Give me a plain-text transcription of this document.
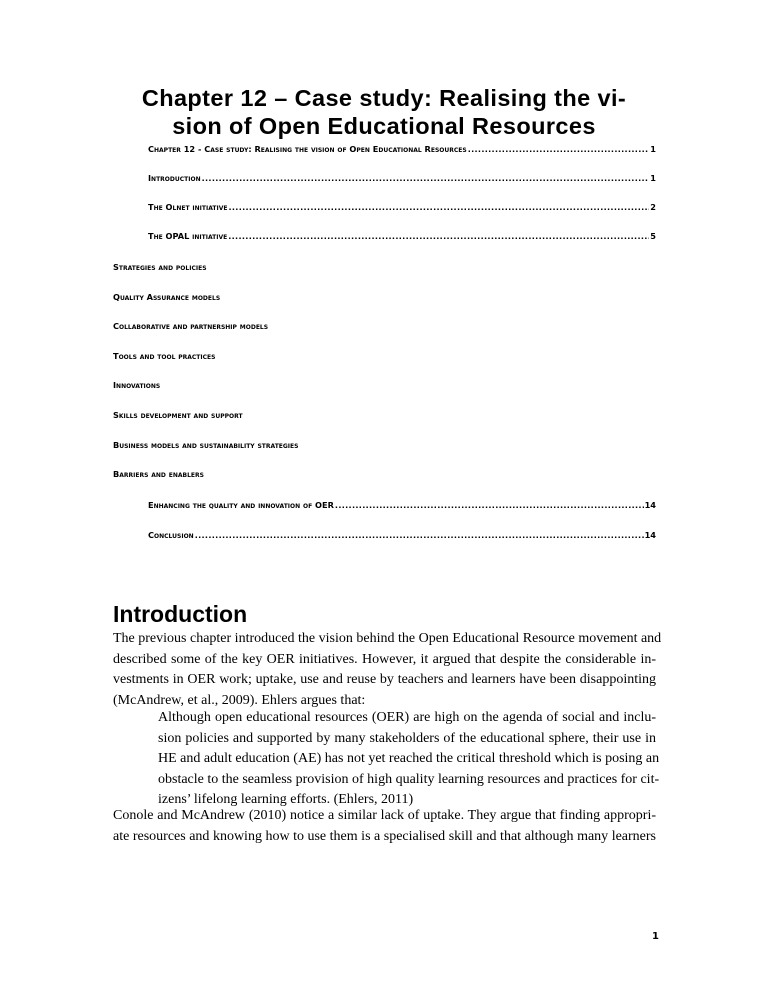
Chapter 12 – Case study: Realising the vi-
sion of Open Educational Resources
Chapter 12 - Case study: Realising the vision of Open Educational Resources .....	1
Introduction .....	1
The Olnet initiative .....	2
The OPAL initiative .....	5
Strategies and policies
Quality Assurance models
Collaborative and partnership models
Tools and tool practices
Innovations
Skills development and support
Business models and sustainability strategies
Barriers and enablers
Enhancing the quality and innovation of OER .....	14
Conclusion .....	14
Introduction

The previous chapter introduced the vision behind the Open Educational Resource movement and
described some of the key OER initiatives. However, it argued that despite the considerable in-
vestments in OER work; uptake, use and reuse by teachers and learners have been disappointing
(McAndrew, et al., 2009). Ehlers argues that:

Although open educational resources (OER) are high on the agenda of social and inclu-
sion policies and supported by many stakeholders of the educational sphere, their use in
HE and adult education (AE) has not yet reached the critical threshold which is posing an
obstacle to the seamless provision of high quality learning resources and practices for cit-
izens’ lifelong learning efforts. (Ehlers, 2011)

Conole and McAndrew (2010) notice a similar lack of uptake. They argue that finding appropri-
ate resources and knowing how to use them is a specialised skill and that although many learners

1
